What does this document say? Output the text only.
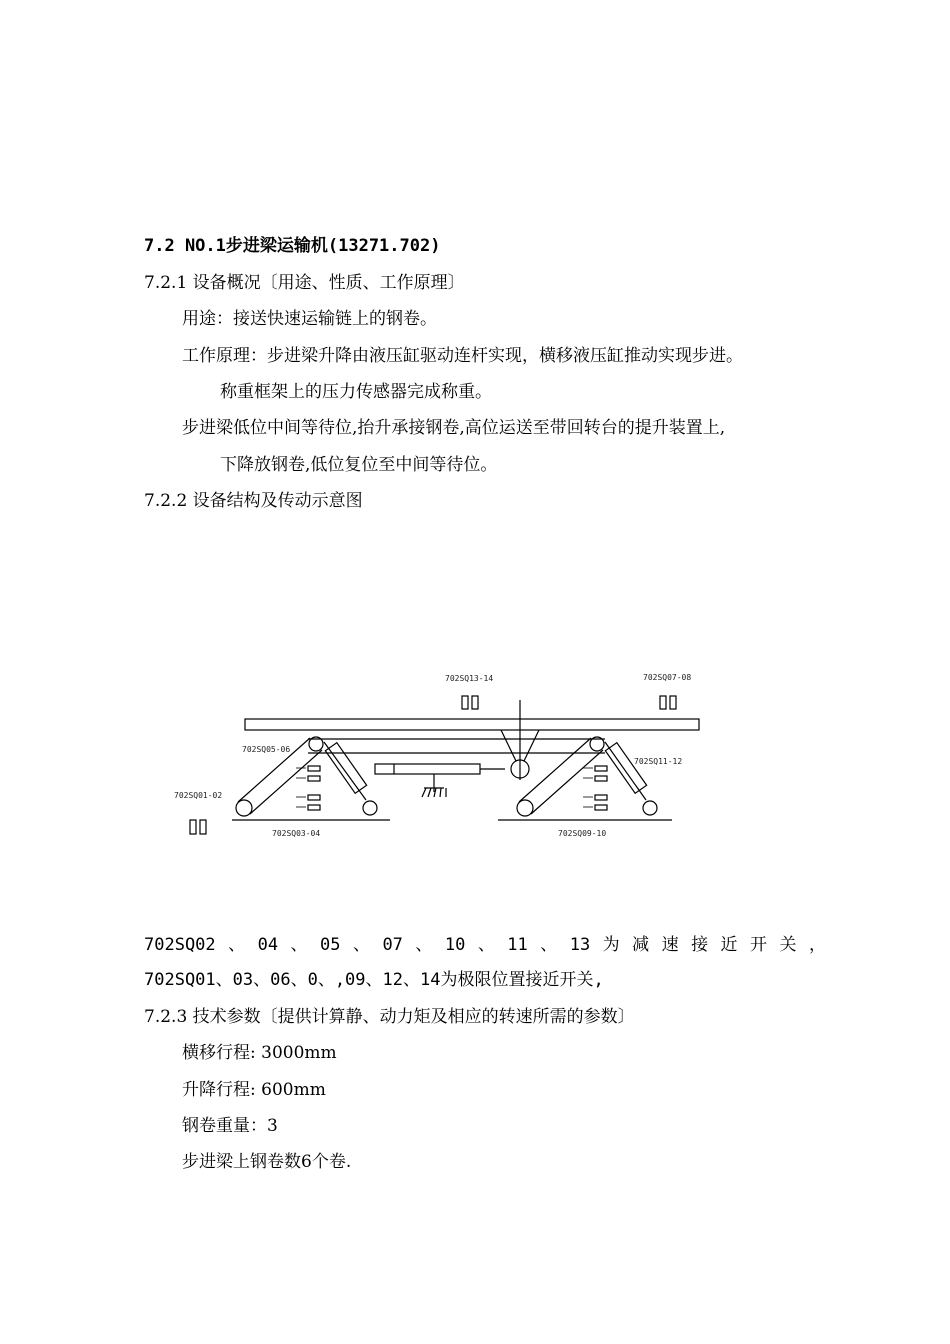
7.2 NO.1步进梁运输机(13271.702)
7.2.1 设备概况〔用途、性质、工作原理〕
用途：接送快速运输链上的钢卷。
工作原理：步进梁升降由液压缸驱动连杆实现，横移液压缸推动实现步进。
称重框架上的压力传感器完成称重。
步进梁低位中间等待位,抬升承接钢卷,高位运送至带回转台的提升装置上,
下降放钢卷,低位复位至中间等待位。
7.2.2 设备结构及传动示意图
702SQ13-14	702SQ07-08
702SQ05-06
702SQ11-12
702SQ01-02
702SQ03-04	702SQ09-10
702SQ02 、 04 、 05 、 07 、 10 、 11 、 13 为 减 速 接 近 开 关 ，
702SQ01、03、06、0、,09、12、14为极限位置接近开关,
7.2.3 技术参数〔提供计算静、动力矩及相应的转速所需的参数〕
横移行程: 3000mm
升降行程: 600mm
钢卷重量：3
步进梁上钢卷数6个卷.
